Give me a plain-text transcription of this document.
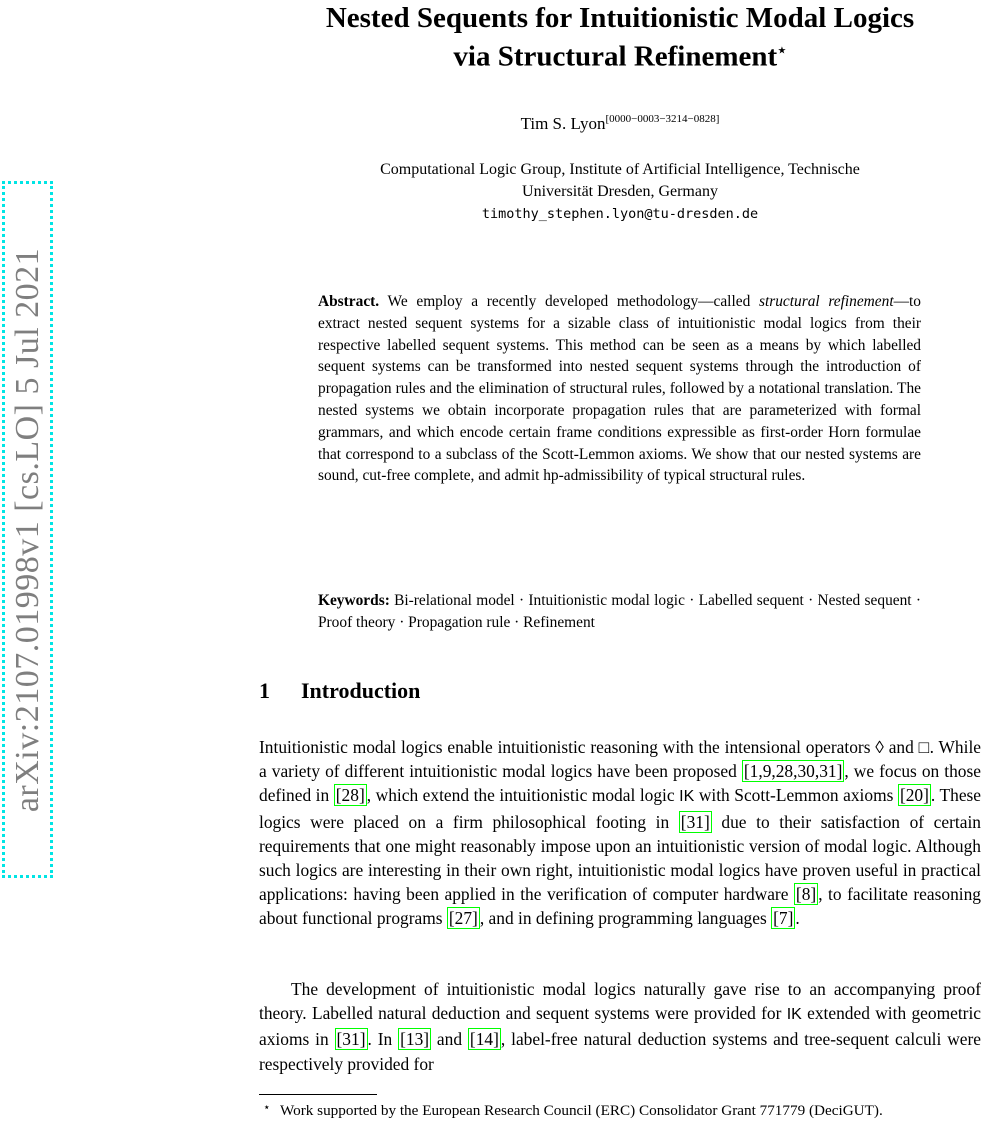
arXiv:2107.01998v1 [cs.LO] 5 Jul 2021
Nested Sequents for Intuitionistic Modal Logics
via Structural Refinement⋆
Tim S. Lyon[0000−0003−3214−0828]
Computational Logic Group, Institute of Artificial Intelligence, Technische
Universität Dresden, Germany
timothy_stephen.lyon@tu-dresden.de
Abstract. We employ a recently developed methodology—called structural refinement—to extract nested sequent systems for a sizable class of intuitionistic modal logics from their respective labelled sequent systems. This method can be seen as a means by which labelled sequent systems can be transformed into nested sequent systems through the introduction of propagation rules and the elimination of structural rules, followed by a notational translation. The nested systems we obtain incorporate propagation rules that are parameterized with formal grammars, and which encode certain frame conditions expressible as first-order Horn formulae that correspond to a subclass of the Scott-Lemmon axioms. We show that our nested systems are sound, cut-free complete, and admit hp-admissibility of typical structural rules.
Keywords: Bi-relational model · Intuitionistic modal logic · Labelled sequent · Nested sequent · Proof theory · Propagation rule · Refinement
1 Introduction
Intuitionistic modal logics enable intuitionistic reasoning with the intensional operators ◊ and □. While a variety of different intuitionistic modal logics have been proposed [1,9,28,30,31] , we focus on those defined in [28] , which extend the intuitionistic modal logic IK with Scott-Lemmon axioms [20] . These logics were placed on a firm philosophical footing in [31] due to their satisfaction of certain requirements that one might reasonably impose upon an intuitionistic version of modal logic. Although such logics are interesting in their own right, intuitionistic modal logics have proven useful in practical applications: having been applied in the verification of computer hardware [8] , to facilitate reasoning about functional programs [27] , and in defining programming languages [7] .
The development of intuitionistic modal logics naturally gave rise to an accompanying proof theory. Labelled natural deduction and sequent systems were provided for IK extended with geometric axioms in [31] . In [13] and [14] , label-free natural deduction systems and tree-sequent calculi were respectively provided for
⋆ Work supported by the European Research Council (ERC) Consolidator Grant 771779 (DeciGUT).
